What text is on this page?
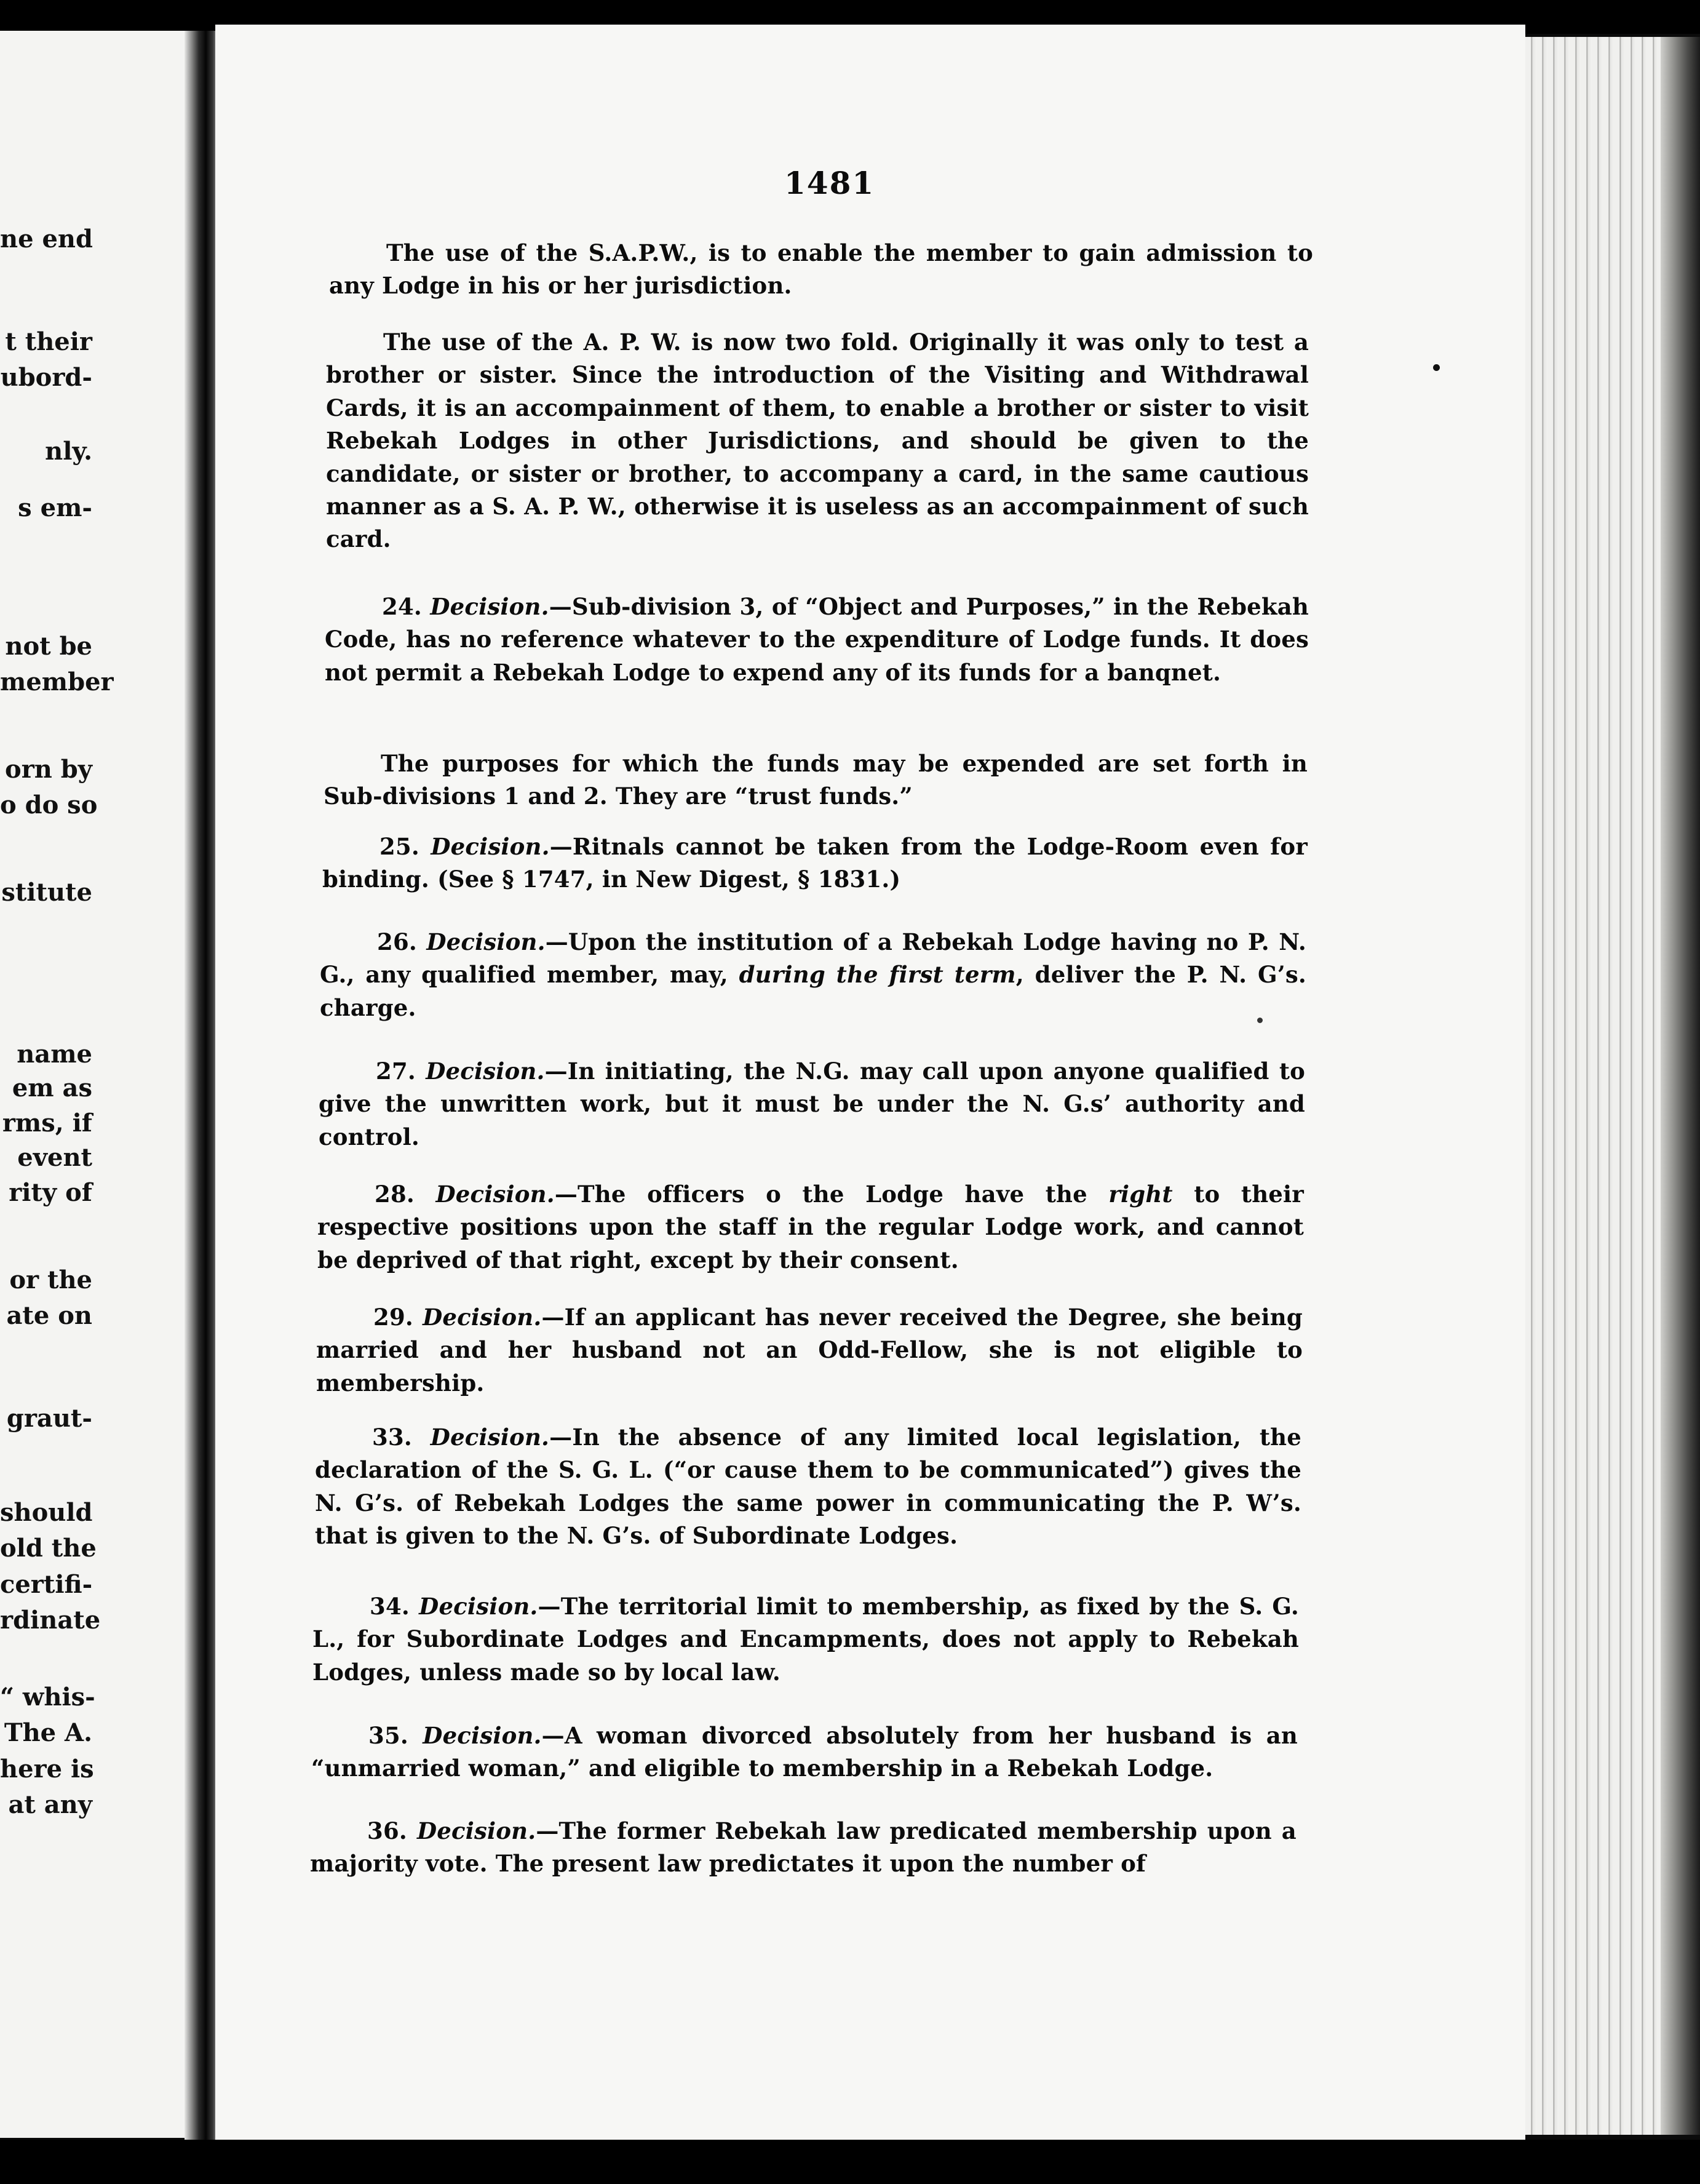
ne end
t their
ubord-
nly.
s em-
not be
member
orn by
o do so
stitute
name
em as
rms, if
event
rity of
or the
ate on
graut-
should
old the
certifi-
rdinate
“ whis-
The A.
here is
at any
1481

The use of the S.A.P.W., is to enable the member to gain admission to any Lodge in his or her jurisdiction.

The use of the A. P. W. is now two fold. Originally it was only to test a brother or sister. Since the introduction of the Visiting and Withdrawal Cards, it is an accompainment of them, to enable a brother or sister to visit Rebekah Lodges in other Jurisdictions, and should be given to the candidate, or sister or brother, to accompany a card, in the same cautious manner as a S. A. P. W., otherwise it is useless as an accompainment of such card.

24. Decision.—Sub-division 3, of “Object and Purposes,” in the Rebekah Code, has no reference whatever to the expenditure of Lodge funds. It does not permit a Rebekah Lodge to expend any of its funds for a banqnet.

The purposes for which the funds may be expended are set forth in Sub-divisions 1 and 2. They are “trust funds.”

25. Decision.—Ritnals cannot be taken from the Lodge-Room even for binding. (See § 1747, in New Digest, § 1831.)

26. Decision.—Upon the institution of a Rebekah Lodge having no P. N. G., any qualified member, may, during the first term, deliver the P. N. G’s. charge.

27. Decision.—In initiating, the N.G. may call upon anyone qualified to give the unwritten work, but it must be under the N. G.s’ authority and control.

28. Decision.—The officers o the Lodge have the right to their respective positions upon the staff in the regular Lodge work, and cannot be deprived of that right, except by their consent.

29. Decision.—If an applicant has never received the Degree, she being married and her husband not an Odd-Fellow, she is not eligible to membership.

33. Decision.—In the absence of any limited local legislation, the declaration of the S. G. L. (“or cause them to be communicated”) gives the N. G’s. of Rebekah Lodges the same power in communicating the P. W’s. that is given to the N. G’s. of Subordinate Lodges.

34. Decision.—The territorial limit to membership, as fixed by the S. G. L., for Subordinate Lodges and Encampments, does not apply to Rebekah Lodges, unless made so by local law.

35. Decision.—A woman divorced absolutely from her husband is an “unmarried woman,” and eligible to membership in a Rebekah Lodge.

36. Decision.—The former Rebekah law predicated membership upon a majority vote. The present law predictates it upon the number of
